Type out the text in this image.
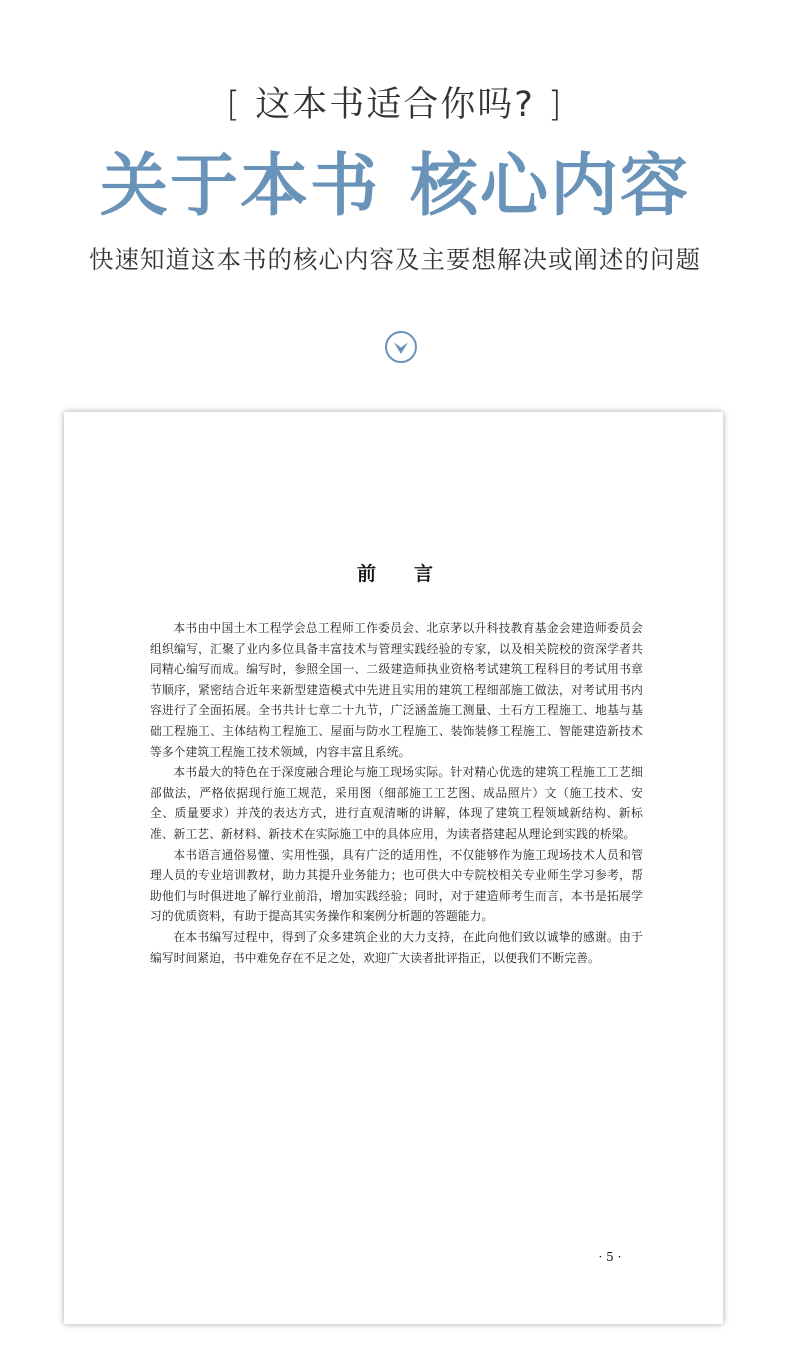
[ 这本书适合你吗? ]
关于本书 核心内容
快速知道这本书的核心内容及主要想解决或阐述的问题
前　　言

本书由中国土木工程学会总工程师工作委员会、北京茅以升科技教育基金会建造师委员会组织编写，汇聚了业内多位具备丰富技术与管理实践经验的专家，以及相关院校的资深学者共同精心编写而成。编写时，参照全国一、二级建造师执业资格考试建筑工程科目的考试用书章节顺序，紧密结合近年来新型建造模式中先进且实用的建筑工程细部施工做法，对考试用书内容进行了全面拓展。全书共计七章二十九节，广泛涵盖施工测量、土石方工程施工、地基与基础工程施工、主体结构工程施工、屋面与防水工程施工、装饰装修工程施工、智能建造新技术等多个建筑工程施工技术领域，内容丰富且系统。

本书最大的特色在于深度融合理论与施工现场实际。针对精心优选的建筑工程施工工艺细部做法，严格依据现行施工规范，采用图（细部施工工艺图、成品照片）文（施工技术、安全、质量要求）并茂的表达方式，进行直观清晰的讲解，体现了建筑工程领域新结构、新标准、新工艺、新材料、新技术在实际施工中的具体应用，为读者搭建起从理论到实践的桥梁。

本书语言通俗易懂、实用性强，具有广泛的适用性，不仅能够作为施工现场技术人员和管理人员的专业培训教材，助力其提升业务能力；也可供大中专院校相关专业师生学习参考，帮助他们与时俱进地了解行业前沿，增加实践经验；同时，对于建造师考生而言，本书是拓展学习的优质资料，有助于提高其实务操作和案例分析题的答题能力。

在本书编写过程中，得到了众多建筑企业的大力支持，在此向他们致以诚挚的感谢。由于编写时间紧迫，书中难免存在不足之处，欢迎广大读者批评指正，以便我们不断完善。

· 5 ·
